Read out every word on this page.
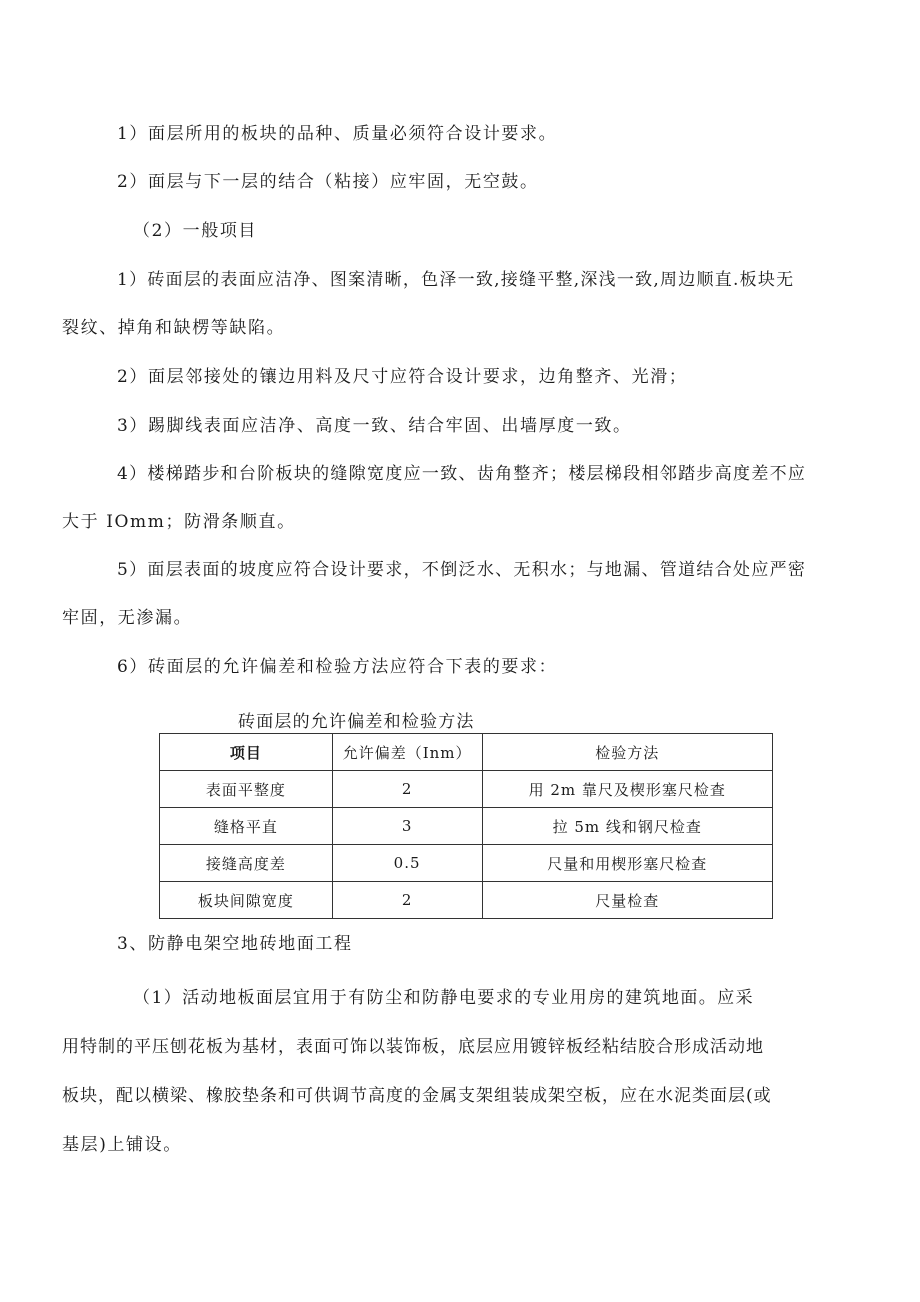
1）面层所用的板块的品种、质量必须符合设计要求。
2）面层与下一层的结合（粘接）应牢固，无空鼓。
（2）一般项目
1）砖面层的表面应洁净、图案清晰，色泽一致,接缝平整,深浅一致,周边顺直.板块无
裂纹、掉角和缺楞等缺陷。
2）面层邻接处的镶边用料及尺寸应符合设计要求，边角整齐、光滑；
3）踢脚线表面应洁净、高度一致、结合牢固、出墙厚度一致。
4）楼梯踏步和台阶板块的缝隙宽度应一致、齿角整齐；楼层梯段相邻踏步高度差不应
大于 IOmm；防滑条顺直。
5）面层表面的坡度应符合设计要求，不倒泛水、无积水；与地漏、管道结合处应严密
牢固，无渗漏。
6）砖面层的允许偏差和检验方法应符合下表的要求：
砖面层的允许偏差和检验方法
项目	允许偏差（Inm）	检验方法
表面平整度	2	用 2m 靠尺及楔形塞尺检查
缝格平直	3	拉 5m 线和钢尺检查
接缝高度差	0.5	尺量和用楔形塞尺检查
板块间隙宽度	2	尺量检查
3、防静电架空地砖地面工程
（1）活动地板面层宜用于有防尘和防静电要求的专业用房的建筑地面。应采
用特制的平压刨花板为基材，表面可饰以装饰板，底层应用镀锌板经粘结胶合形成活动地
板块，配以横梁、橡胶垫条和可供调节高度的金属支架组装成架空板，应在水泥类面层(或
基层)上铺设。
